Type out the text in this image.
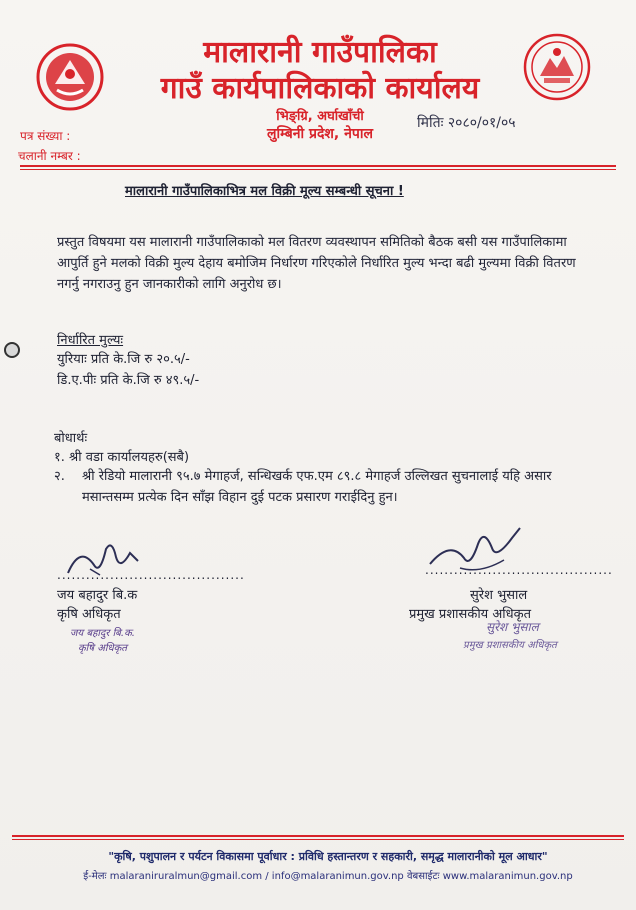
मालारानी गाउँपालिका
गाउँ कार्यपालिकाको कार्यालय
भिङ्ग्रि, अर्घाखाँची
लुम्बिनी प्रदेश, नेपाल
पत्र संख्या :
चलानी नम्बर :
मितिः २०८०/०१/०५
मालारानी गाउँपालिकाभित्र मल विक्री मूल्य सम्बन्धी सूचना !
प्रस्तुत विषयमा यस मालारानी गाउँपालिकाको मल वितरण व्यवस्थापन समितिको बैठक बसी यस गाउँपालिकामा आपुर्ति हुने मलको विक्री मुल्य देहाय बमोजिम निर्धारण गरिएकोले निर्धारित मुल्य भन्दा बढी मुल्यमा विक्री वितरण नगर्नु नगराउनु हुन जानकारीको लागि अनुरोध छ।
निर्धारित मुल्यः
युरियाः प्रति के.जि रु २०.५/-
डि.ए.पीः प्रति के.जि रु ४९.५/-
बोधार्थः
१. श्री वडा कार्यालयहरु(सबै)
२. श्री रेडियो मालारानी ९५.७ मेगाहर्ज, सन्धिखर्क एफ.एम ८९.८ मेगाहर्ज उल्लिखत सुचनालाई यहि असार मसान्तसम्म प्रत्येक दिन साँझ विहान दुई पटक प्रसारण गराईदिनु हुन।
.......................................	.......................................
जय बहादुर बि.क
कृषि अधिकृत
सुरेश भुसाल
प्रमुख प्रशासकीय अधिकृत
जय बहादुर बि.क.
कृषि अधिकृत
सुरेश भुसाल
प्रमुख प्रशासकीय अधिकृत
"कृषि, पशुपालन र पर्यटन विकासमा पूर्वाधार : प्रविधि हस्तान्तरण र सहकारी, समृद्ध मालारानीको मूल आधार"
ई-मेलः malaraniruralmun@gmail.com / info@malaranimun.gov.np वेबसाईटः www.malaranimun.gov.np
